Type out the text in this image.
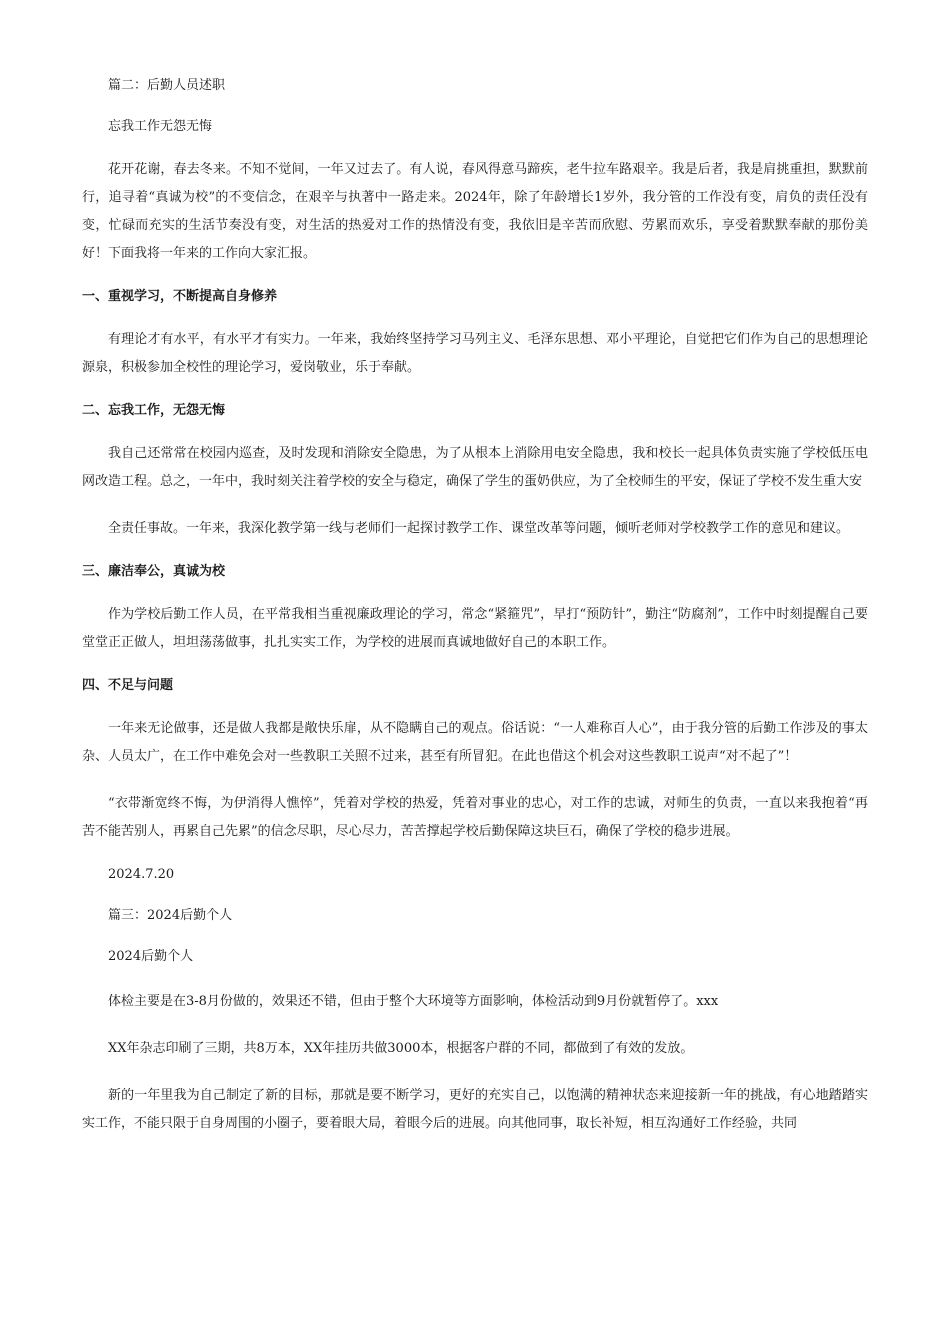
篇二：后勤人员述职

忘我工作无怨无悔

花开花谢，春去冬来。不知不觉间，一年又过去了。有人说，春风得意马蹄疾，老牛拉车路艰辛。我是后者，我是肩挑重担，默默前行，追寻着“真诚为校”的不变信念，在艰辛与执著中一路走来。2024年，除了年龄增长1岁外，我分管的工作没有变，肩负的责任没有变，忙碌而充实的生活节奏没有变，对生活的热爱对工作的热情没有变，我依旧是辛苦而欣慰、劳累而欢乐，享受着默默奉献的那份美好！下面我将一年来的工作向大家汇报。

一、重视学习，不断提高自身修养

有理论才有水平，有水平才有实力。一年来，我始终坚持学习马列主义、毛泽东思想、邓小平理论，自觉把它们作为自己的思想理论源泉，积极参加全校性的理论学习，爱岗敬业，乐于奉献。

二、忘我工作，无怨无悔

我自己还常常在校园内巡查，及时发现和消除安全隐患，为了从根本上消除用电安全隐患，我和校长一起具体负责实施了学校低压电网改造工程。总之，一年中，我时刻关注着学校的安全与稳定，确保了学生的蛋奶供应，为了全校师生的平安，保证了学校不发生重大安

全责任事故。一年来，我深化教学第一线与老师们一起探讨教学工作、课堂改革等问题，倾听老师对学校教学工作的意见和建议。

三、廉洁奉公，真诚为校

作为学校后勤工作人员，在平常我相当重视廉政理论的学习，常念“紧箍咒”，早打“预防针”，勤注“防腐剂”，工作中时刻提醒自己要堂堂正正做人，坦坦荡荡做事，扎扎实实工作，为学校的进展而真诚地做好自己的本职工作。

四、不足与问题

一年来无论做事，还是做人我都是敞快乐扉，从不隐瞒自己的观点。俗话说：“一人难称百人心”，由于我分管的后勤工作涉及的事太杂、人员太广，在工作中难免会对一些教职工关照不过来，甚至有所冒犯。在此也借这个机会对这些教职工说声“对不起了”！

“衣带渐宽终不悔，为伊消得人憔悴”，凭着对学校的热爱，凭着对事业的忠心，对工作的忠诚，对师生的负责，一直以来我抱着“再苦不能苦别人，再累自己先累”的信念尽职，尽心尽力，苦苦撑起学校后勤保障这块巨石，确保了学校的稳步进展。

2024.7.20

篇三：2024后勤个人

2024后勤个人

体检主要是在3-8月份做的，效果还不错，但由于整个大环境等方面影响，体检活动到9月份就暂停了。xxx

XX年杂志印刷了三期，共8万本，XX年挂历共做3000本，根据客户群的不同，都做到了有效的发放。

新的一年里我为自己制定了新的目标，那就是要不断学习，更好的充实自己，以饱满的精神状态来迎接新一年的挑战，有心地踏踏实实工作，不能只限于自身周围的小圈子，要着眼大局，着眼今后的进展。向其他同事，取长补短，相互沟通好工作经验，共同
